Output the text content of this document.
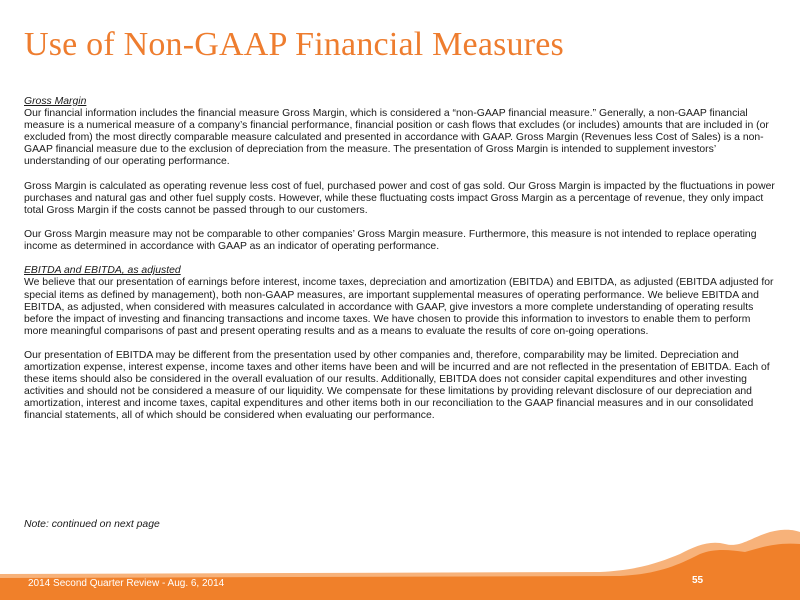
Use of Non-GAAP Financial Measures

Gross Margin
Our financial information includes the financial measure Gross Margin, which is considered a “non-GAAP financial measure.” Generally, a non-GAAP financial measure is a numerical measure of a company’s financial performance, financial position or cash flows that excludes (or includes) amounts that are included in (or excluded from) the most directly comparable measure calculated and presented in accordance with GAAP. Gross Margin (Revenues less Cost of Sales) is a non-GAAP financial measure due to the exclusion of depreciation from the measure. The presentation of Gross Margin is intended to supplement investors’ understanding of our operating performance.

Gross Margin is calculated as operating revenue less cost of fuel, purchased power and cost of gas sold. Our Gross Margin is impacted by the fluctuations in power purchases and natural gas and other fuel supply costs. However, while these fluctuating costs impact Gross Margin as a percentage of revenue, they only impact total Gross Margin if the costs cannot be passed through to our customers.

Our Gross Margin measure may not be comparable to other companies’ Gross Margin measure. Furthermore, this measure is not intended to replace operating income as determined in accordance with GAAP as an indicator of operating performance.

EBITDA and EBITDA, as adjusted
We believe that our presentation of earnings before interest, income taxes, depreciation and amortization (EBITDA) and EBITDA, as adjusted (EBITDA adjusted for special items as defined by management), both non-GAAP measures, are important supplemental measures of operating performance. We believe EBITDA and EBITDA, as adjusted, when considered with measures calculated in accordance with GAAP, give investors a more complete understanding of operating results before the impact of investing and financing transactions and income taxes. We have chosen to provide this information to investors to enable them to perform more meaningful comparisons of past and present operating results and as a means to evaluate the results of core on-going operations.

Our presentation of EBITDA may be different from the presentation used by other companies and, therefore, comparability may be limited. Depreciation and amortization expense, interest expense, income taxes and other items have been and will be incurred and are not reflected in the presentation of EBITDA. Each of these items should also be considered in the overall evaluation of our results. Additionally, EBITDA does not consider capital expenditures and other investing activities and should not be considered a measure of our liquidity. We compensate for these limitations by providing relevant disclosure of our depreciation and amortization, interest and income taxes, capital expenditures and other items both in our reconciliation to the GAAP financial measures and in our consolidated financial statements, all of which should be considered when evaluating our performance.

Note: continued on next page
2014 Second Quarter Review - Aug. 6, 2014	55
